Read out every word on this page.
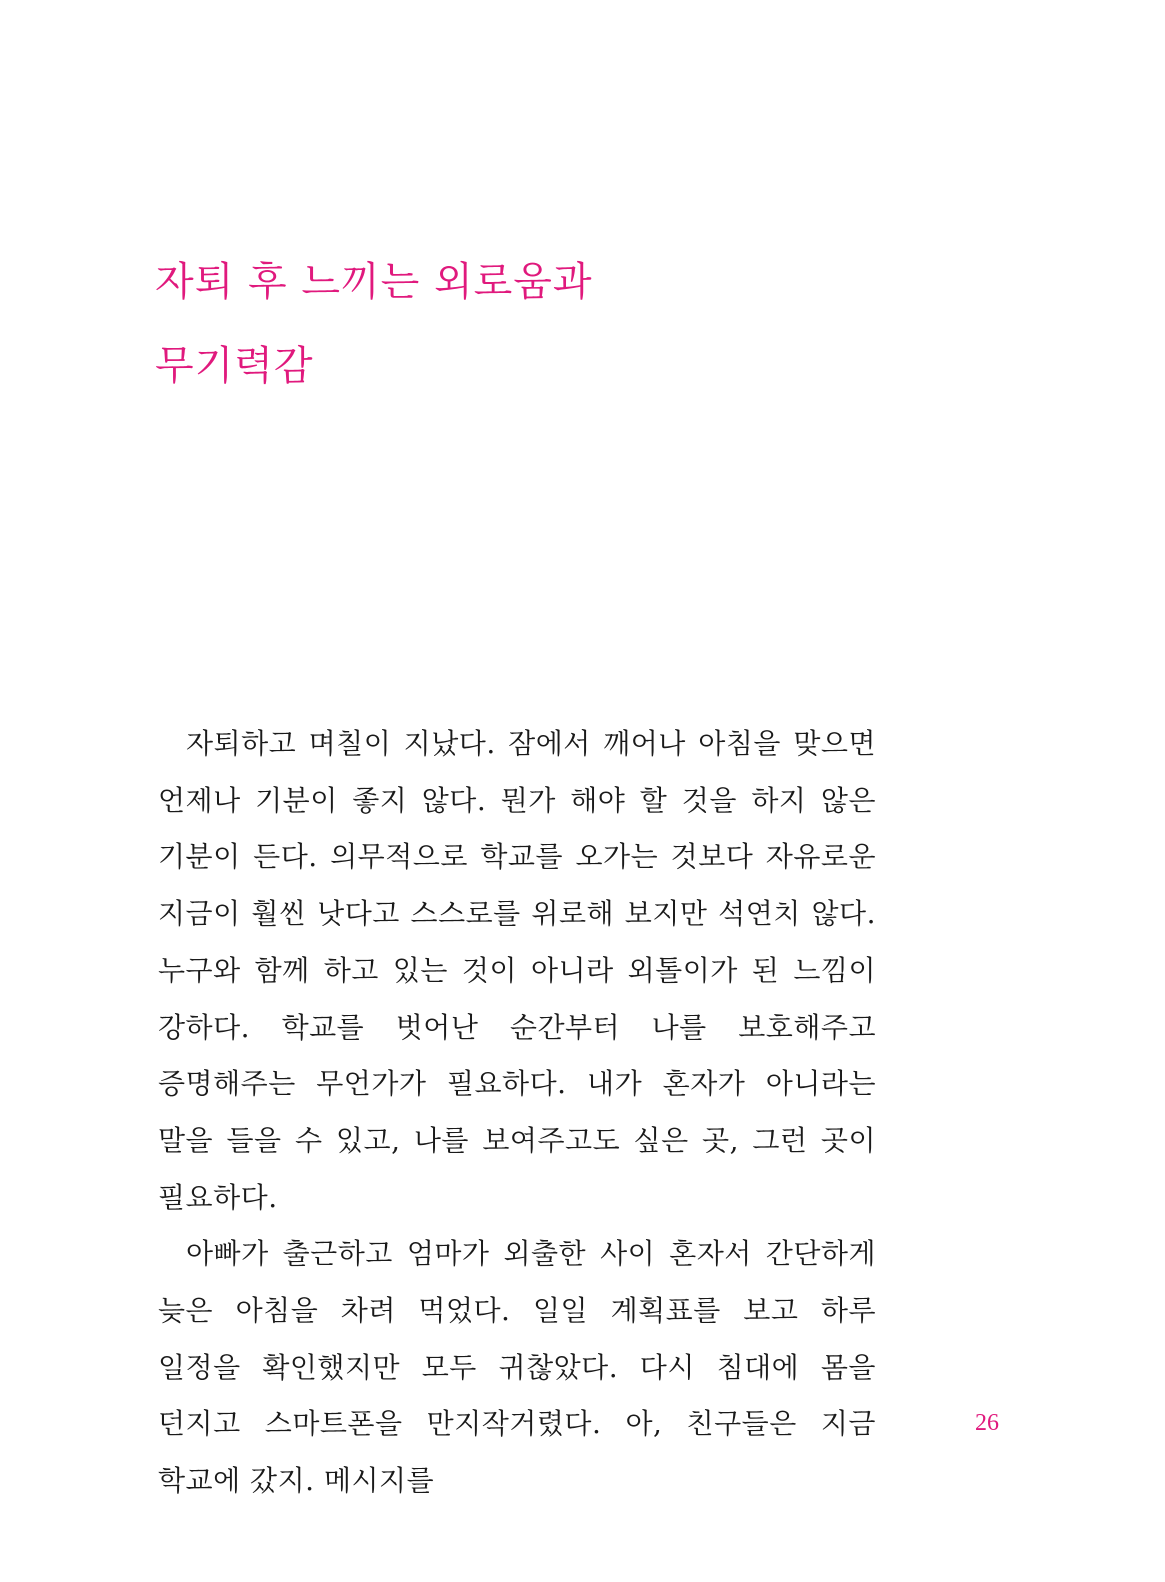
자퇴 후 느끼는 외로움과
무기력감

자퇴하고 며칠이 지났다. 잠에서 깨어나 아침을 맞으면 언제나 기분이 좋지 않다. 뭔가 해야 할 것을 하지 않은 기분이 든다. 의무적으로 학교를 오가는 것보다 자유로운 지금이 훨씬 낫다고 스스로를 위로해 보지만 석연치 않다. 누구와 함께 하고 있는 것이 아니라 외톨이가 된 느낌이 강하다. 학교를 벗어난 순간부터 나를 보호해주고 증명해주는 무언가가 필요하다. 내가 혼자가 아니라는 말을 들을 수 있고, 나를 보여주고도 싶은 곳, 그런 곳이 필요하다.

아빠가 출근하고 엄마가 외출한 사이 혼자서 간단하게 늦은 아침을 차려 먹었다. 일일 계획표를 보고 하루 일정을 확인했지만 모두 귀찮았다. 다시 침대에 몸을 던지고 스마트폰을 만지작거렸다. 아, 친구들은 지금 학교에 갔지. 메시지를

26
